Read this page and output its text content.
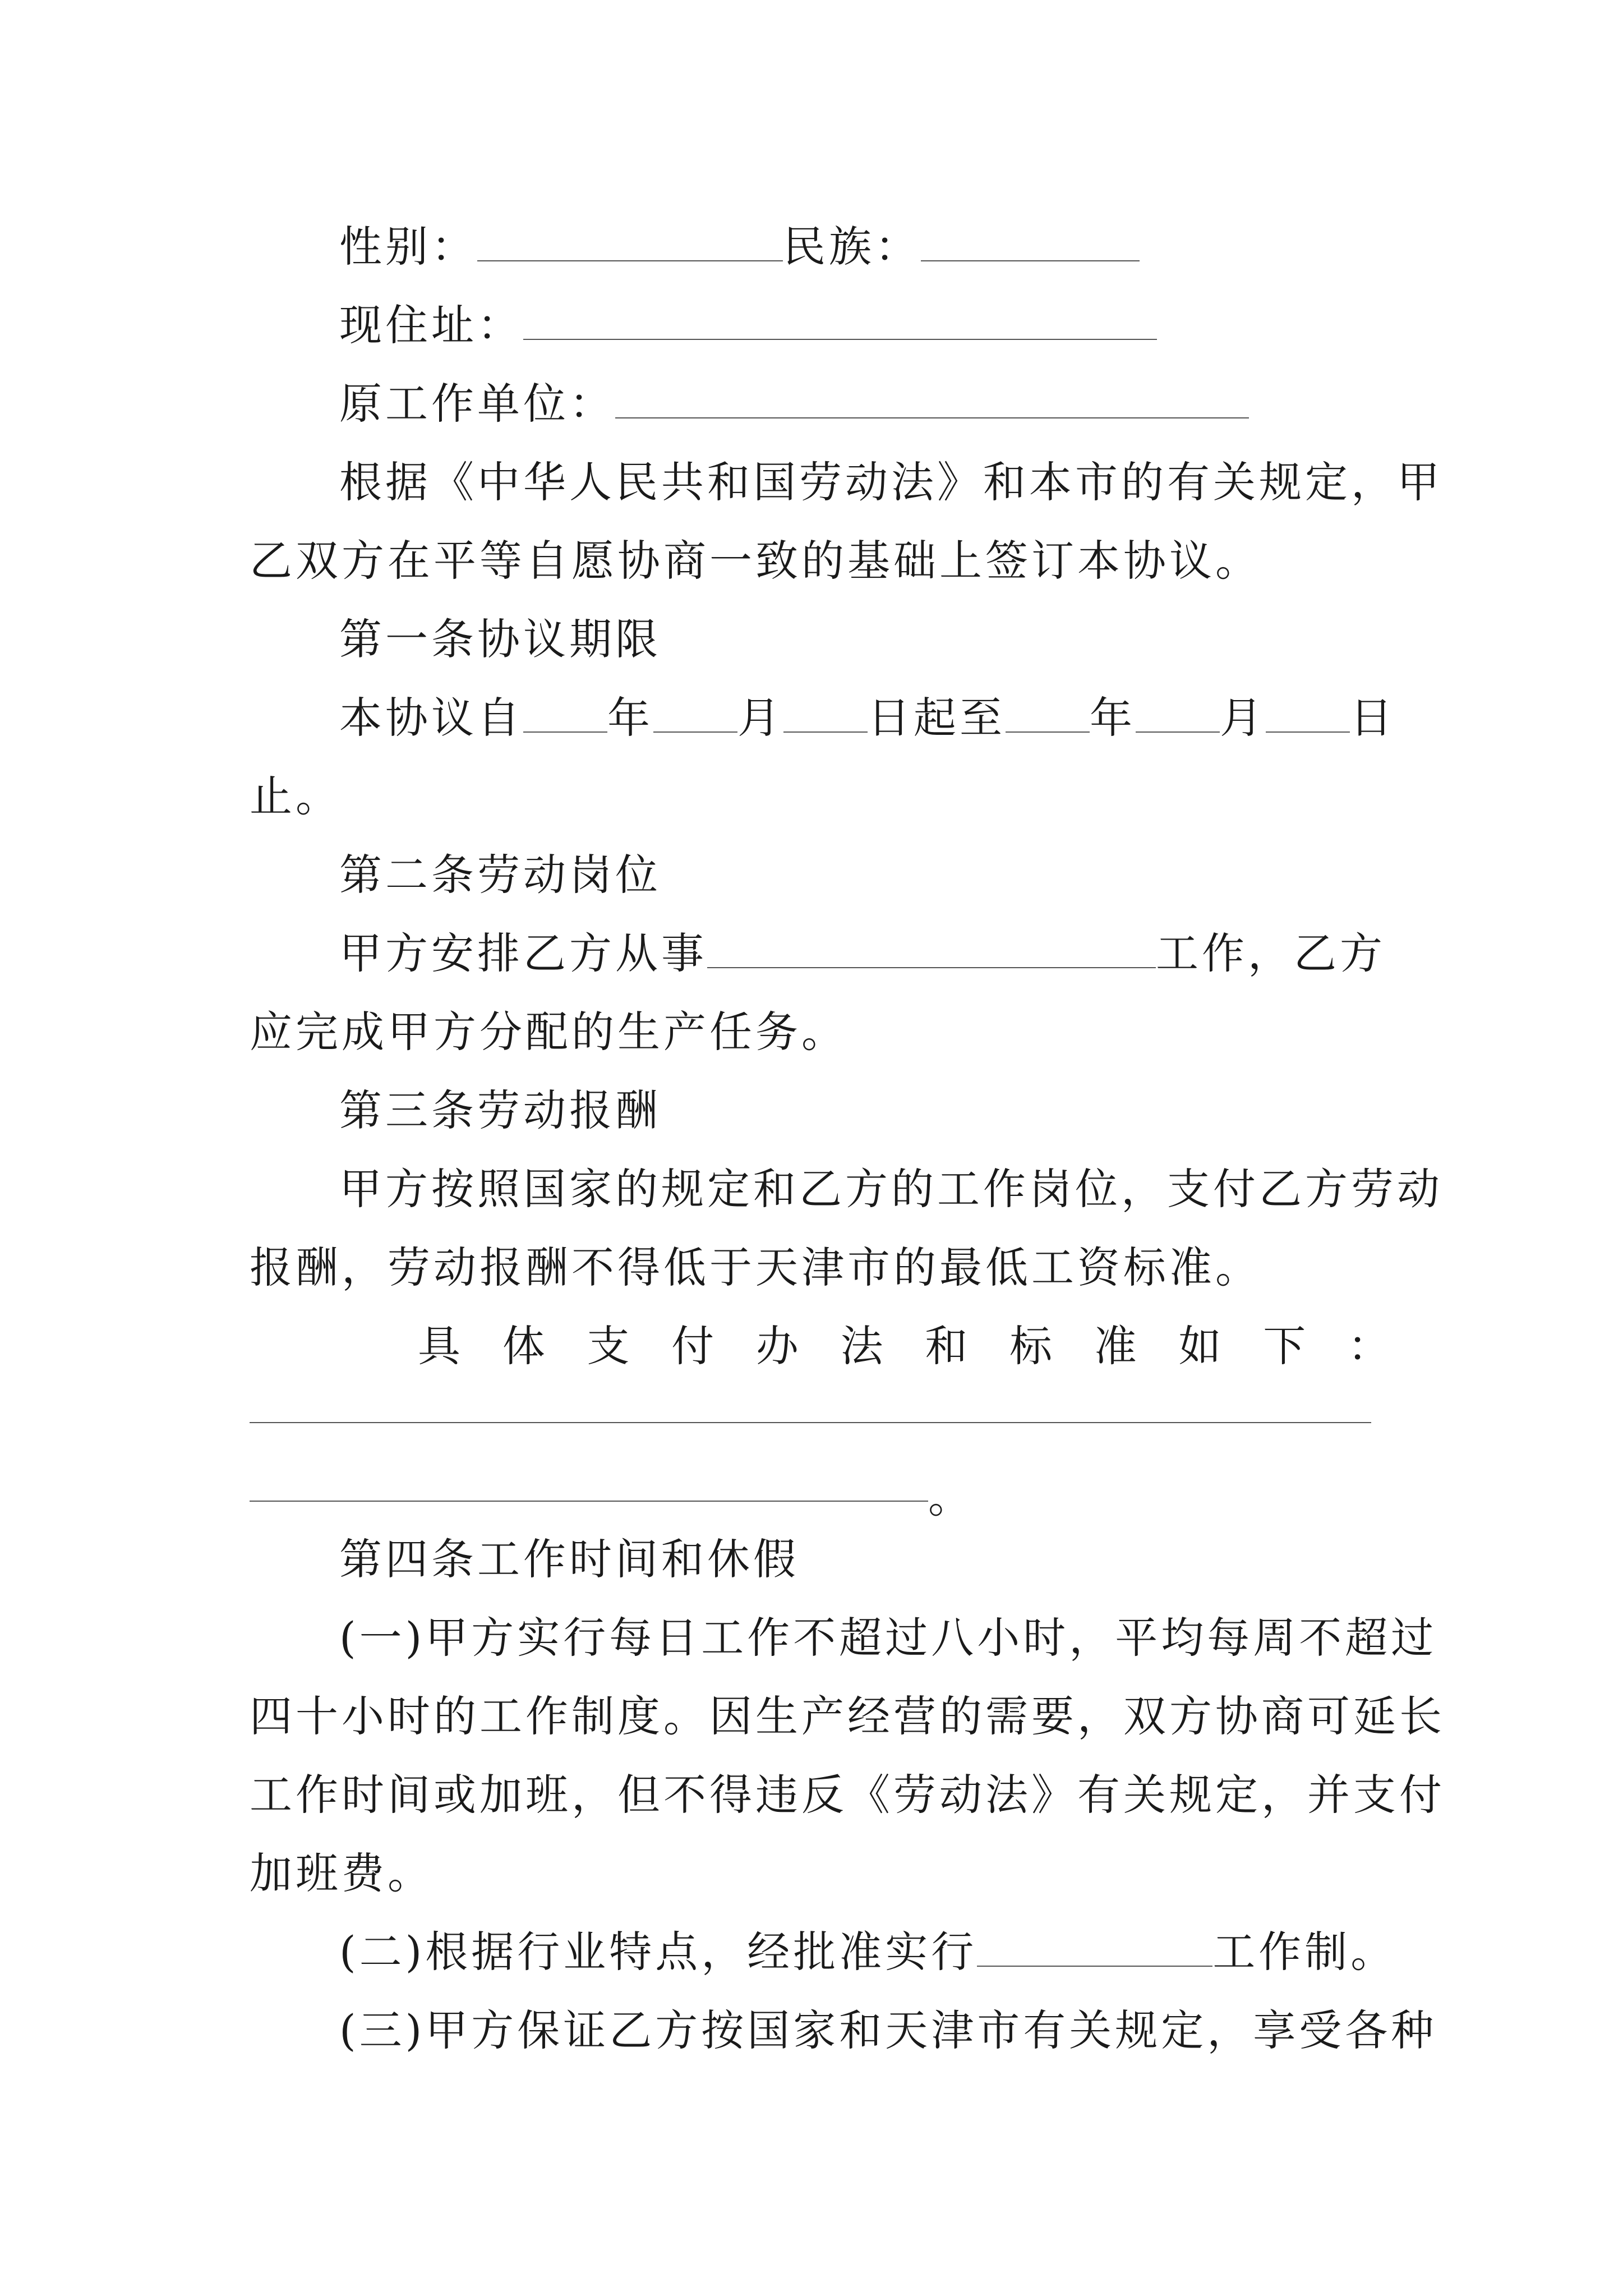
性别：	民族：
现住址：
原工作单位：
根据《中华人民共和国劳动法》和本市的有关规定，甲
乙双方在平等自愿协商一致的基础上签订本协议。
第一条协议期限
本协议自 年 月 日起至 年 月 日
止。
第二条劳动岗位
甲方安排乙方从事	工作，乙方
应完成甲方分配的生产任务。
第三条劳动报酬
甲方按照国家的规定和乙方的工作岗位，支付乙方劳动
报酬，劳动报酬不得低于天津市的最低工资标准。
具体支付办法和标准如下：
。
第四条工作时间和休假
(一)甲方实行每日工作不超过八小时，平均每周不超过
四十小时的工作制度。因生产经营的需要，双方协商可延长
工作时间或加班，但不得违反《劳动法》有关规定，并支付
加班费。
(二)根据行业特点，经批准实行	工作制。
(三)甲方保证乙方按国家和天津市有关规定，享受各种
